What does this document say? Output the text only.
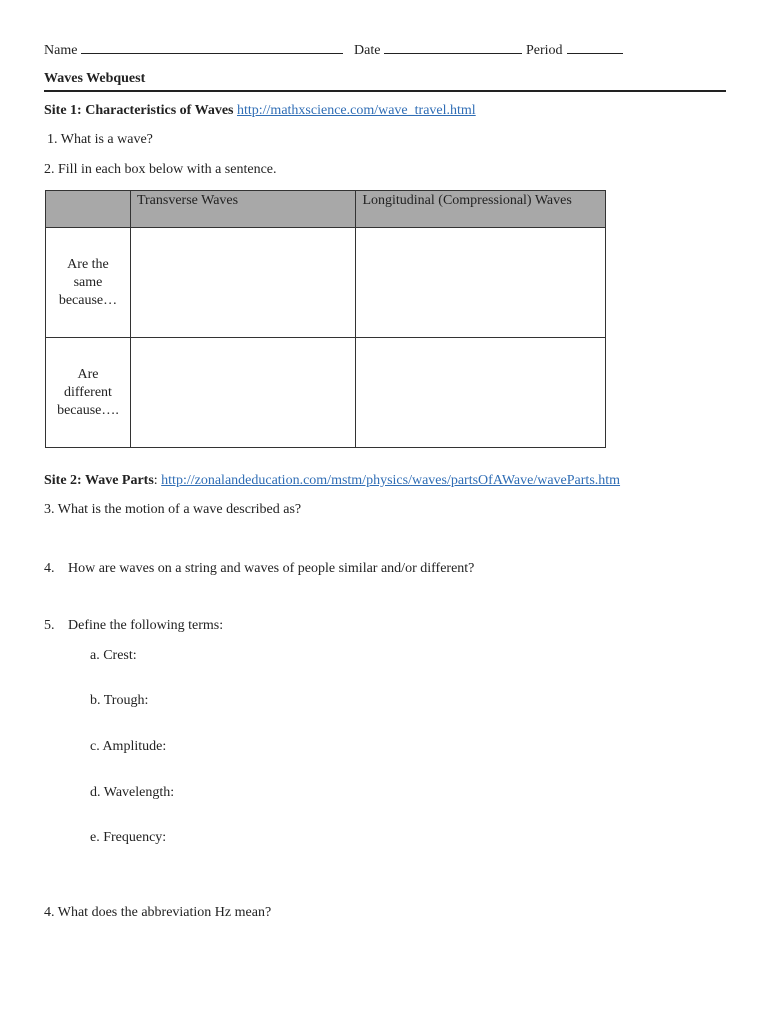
Name	Date	Period
Waves Webquest
Site 1: Characteristics of Waves http://mathxscience.com/wave_travel.html
1. What is a wave?
2. Fill in each box below with a sentence.
	Transverse Waves	Longitudinal (Compressional) Waves
Are the same because…		
Are different because….		
Site 2: Wave Parts: http://zonalandeducation.com/mstm/physics/waves/partsOfAWave/waveParts.htm
3. What is the motion of a wave described as?
4. How are waves on a string and waves of people similar and/or different?
5. Define the following terms:
a. Crest:
b. Trough:
c. Amplitude:
d. Wavelength:
e. Frequency:
4. What does the abbreviation Hz mean?
